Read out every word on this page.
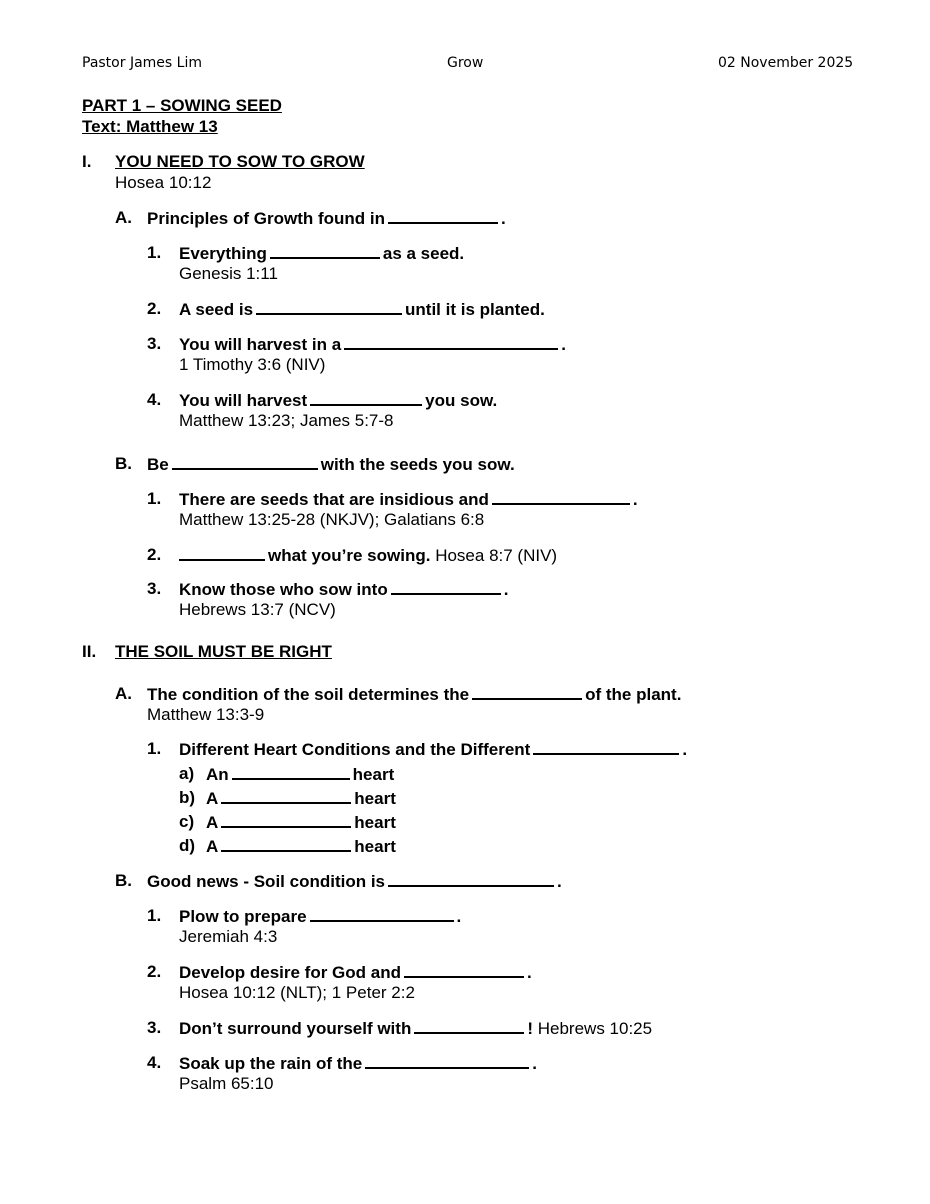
Pastor James Lim	Grow	02 November 2025
PART 1 – SOWING SEED
Text: Matthew 13
I. YOU NEED TO SOW TO GROW
Hosea 10:12
A. Principles of Growth found in	.
1. Everything	as a seed.
Genesis 1:11
2. A seed is	until it is planted.
3. You will harvest in a	.
1 Timothy 3:6 (NIV)
4. You will harvest	you sow.
Matthew 13:23; James 5:7-8
B. Be	with the seeds you sow.
1. There are seeds that are insidious and	.
Matthew 13:25-28 (NKJV); Galatians 6:8
2.	what you’re sowing. Hosea 8:7 (NIV)
3. Know those who sow into	.
Hebrews 13:7 (NCV)
II. THE SOIL MUST BE RIGHT
A. The condition of the soil determines the	of the plant.
Matthew 13:3-9
1. Different Heart Conditions and the Different	.
a) An	heart
b) A	heart
c) A	heart
d) A	heart
B. Good news - Soil condition is	.
1. Plow to prepare	.
Jeremiah 4:3
2. Develop desire for God and	.
Hosea 10:12 (NLT); 1 Peter 2:2
3. Don’t surround yourself with	! Hebrews 10:25
4. Soak up the rain of the	.
Psalm 65:10
